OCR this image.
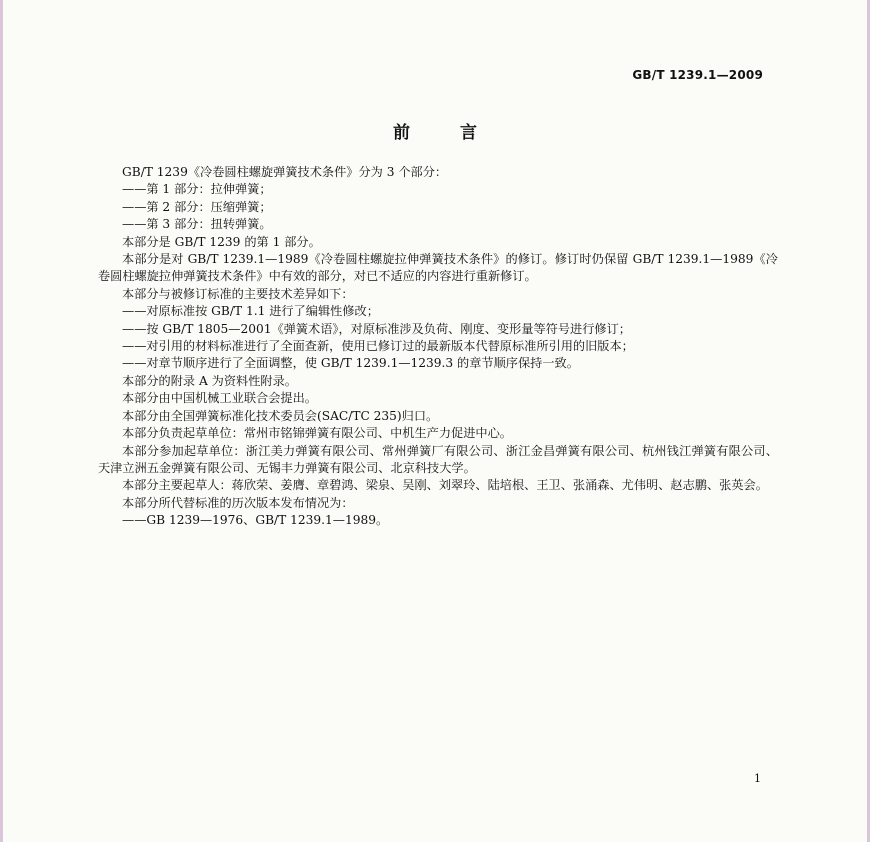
GB/T 1239.1—2009
前 言

GB/T 1239《冷卷圆柱螺旋弹簧技术条件》分为 3 个部分：

——第 1 部分：拉伸弹簧；

——第 2 部分：压缩弹簧；

——第 3 部分：扭转弹簧。

本部分是 GB/T 1239 的第 1 部分。

本部分是对 GB/T 1239.1—1989《冷卷圆柱螺旋拉伸弹簧技术条件》的修订。修订时仍保留 GB/T 1239.1—1989《冷卷圆柱螺旋拉伸弹簧技术条件》中有效的部分，对已不适应的内容进行重新修订。

本部分与被修订标准的主要技术差异如下：

——对原标准按 GB/T 1.1 进行了编辑性修改；

——按 GB/T 1805—2001《弹簧术语》，对原标准涉及负荷、刚度、变形量等符号进行修订；

——对引用的材料标准进行了全面查新，使用已修订过的最新版本代替原标准所引用的旧版本；

——对章节顺序进行了全面调整，使 GB/T 1239.1—1239.3 的章节顺序保持一致。

本部分的附录 A 为资料性附录。

本部分由中国机械工业联合会提出。

本部分由全国弹簧标准化技术委员会(SAC/TC 235)归口。

本部分负责起草单位：常州市铭锦弹簧有限公司、中机生产力促进中心。

本部分参加起草单位：浙江美力弹簧有限公司、常州弹簧厂有限公司、浙江金昌弹簧有限公司、杭州钱江弹簧有限公司、天津立洲五金弹簧有限公司、无锡丰力弹簧有限公司、北京科技大学。

本部分主要起草人：蒋欣荣、姜膺、章碧鸿、梁泉、吴刚、刘翠玲、陆培根、王卫、张涌森、尤伟明、赵志鹏、张英会。

本部分所代替标准的历次版本发布情况为：

——GB 1239—1976、GB/T 1239.1—1989。

1
